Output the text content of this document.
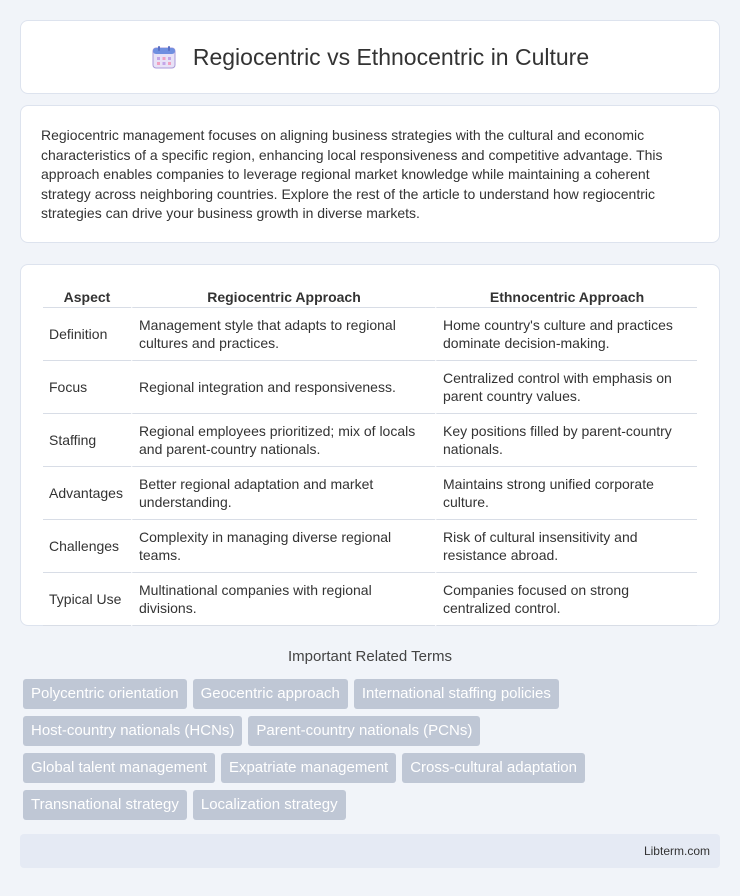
Regiocentric vs Ethnocentric in Culture

Regiocentric management focuses on aligning business strategies with the cultural and economic characteristics of a specific region, enhancing local responsiveness and competitive advantage. This approach enables companies to leverage regional market knowledge while maintaining a coherent strategy across neighboring countries. Explore the rest of the article to understand how regiocentric strategies can drive your business growth in diverse markets.

Aspect	Regiocentric Approach	Ethnocentric Approach
Definition	Management style that adapts to regional cultures and practices.	Home country's culture and practices dominate decision-making.
Focus	Regional integration and responsiveness.	Centralized control with emphasis on parent country values.
Staffing	Regional employees prioritized; mix of locals and parent-country nationals.	Key positions filled by parent-country nationals.
Advantages	Better regional adaptation and market understanding.	Maintains strong unified corporate culture.
Challenges	Complexity in managing diverse regional teams.	Risk of cultural insensitivity and resistance abroad.
Typical Use	Multinational companies with regional divisions.	Companies focused on strong centralized control.
Important Related Terms
Polycentric orientation	Geocentric approach	International staffing policies
Host-country nationals (HCNs)	Parent-country nationals (PCNs)
Global talent management	Expatriate management	Cross-cultural adaptation
Transnational strategy	Localization strategy
Libterm.com
